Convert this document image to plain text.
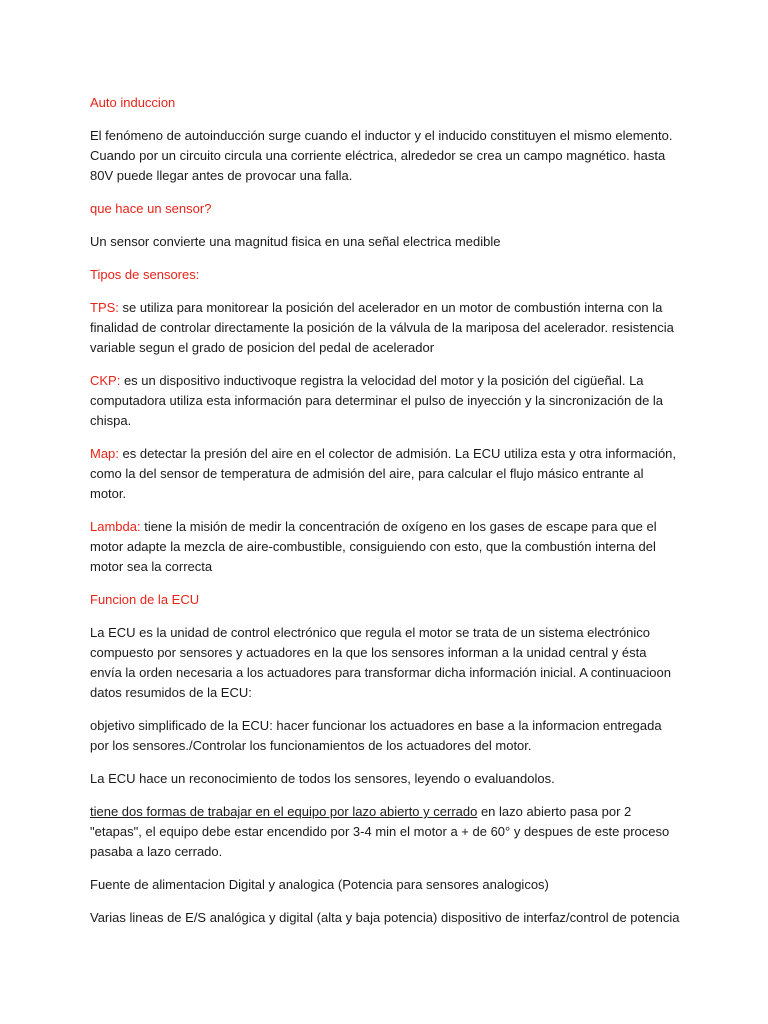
Auto induccion

El fenómeno de autoinducción surge cuando el inductor y el inducido constituyen el mismo elemento. Cuando por un circuito circula una corriente eléctrica, alrededor se crea un campo magnético. hasta 80V puede llegar antes de provocar una falla.

que hace un sensor?

Un sensor convierte una magnitud fisica en una señal electrica medible

Tipos de sensores:

TPS: se utiliza para monitorear la posición del acelerador en un motor de combustión interna con la finalidad de controlar directamente la posición de la válvula de la mariposa del acelerador. resistencia variable segun el grado de posicion del pedal de acelerador

CKP: es un dispositivo inductivoque registra la velocidad del motor y la posición del cigüeñal. La computadora utiliza esta información para determinar el pulso de inyección y la sincronización de la chispa.

Map: es detectar la presión del aire en el colector de admisión. La ECU utiliza esta y otra información, como la del sensor de temperatura de admisión del aire, para calcular el flujo másico entrante al motor.

Lambda: tiene la misión de medir la concentración de oxígeno en los gases de escape para que el motor adapte la mezcla de aire-combustible, consiguiendo con esto, que la combustión interna del motor sea la correcta

Funcion de la ECU

La ECU es la unidad de control electrónico que regula el motor se trata de un sistema electrónico compuesto por sensores y actuadores en la que los sensores informan a la unidad central y ésta envía la orden necesaria a los actuadores para transformar dicha información inicial. A continuacioon datos resumidos de la ECU:

objetivo simplificado de la ECU: hacer funcionar los actuadores en base a la informacion entregada por los sensores./Controlar los funcionamientos de los actuadores del motor.

La ECU hace un reconocimiento de todos los sensores, leyendo o evaluandolos.

tiene dos formas de trabajar en el equipo por lazo abierto y cerrado en lazo abierto pasa por 2 "etapas", el equipo debe estar encendido por 3-4 min el motor a + de 60° y despues de este proceso pasaba a lazo cerrado.

Fuente de alimentacion Digital y analogica (Potencia para sensores analogicos)

Varias lineas de E/S analógica y digital (alta y baja potencia) dispositivo de interfaz/control de potencia
